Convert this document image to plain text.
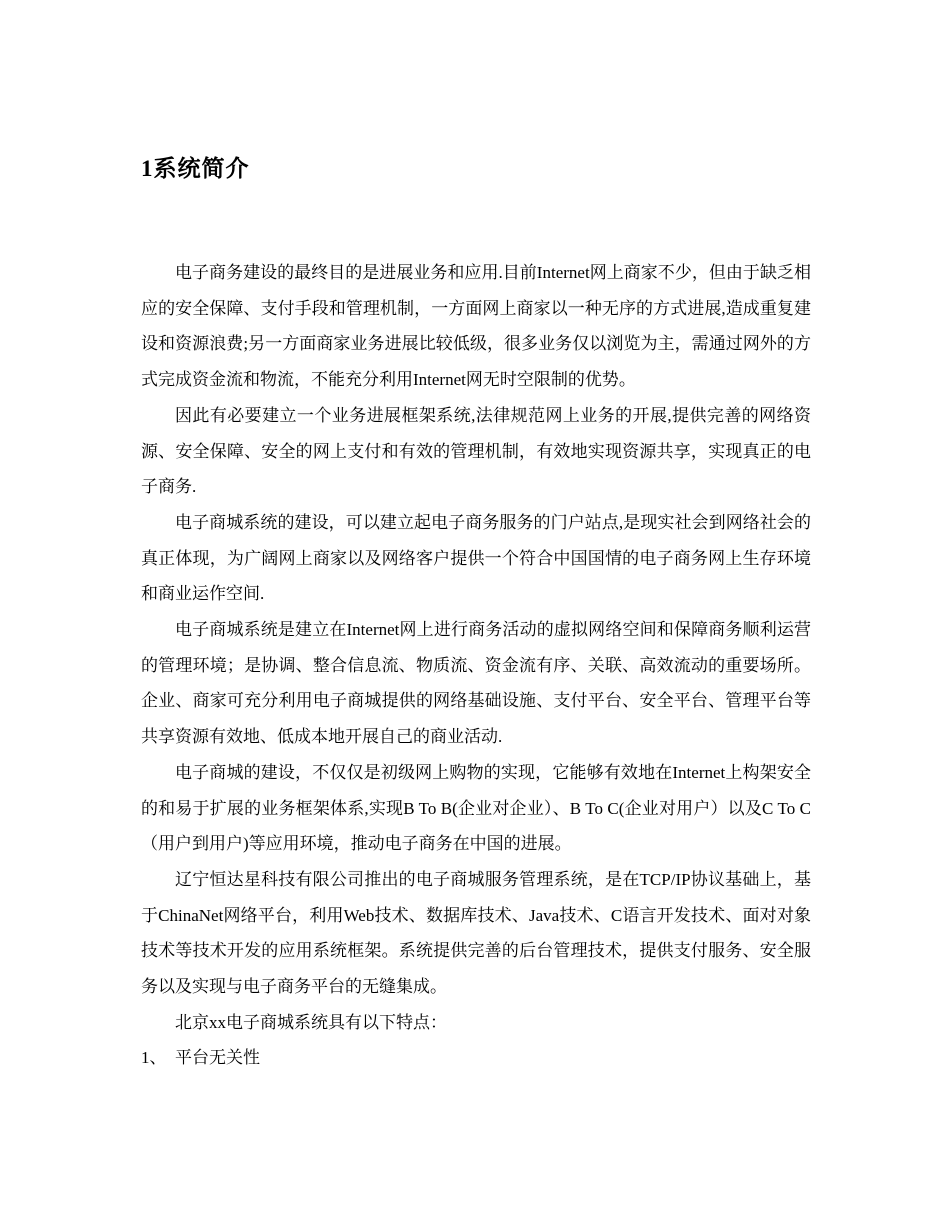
1系统简介

电子商务建设的最终目的是进展业务和应用.目前Internet网上商家不少，但由于缺乏相应的安全保障、支付手段和管理机制，一方面网上商家以一种无序的方式进展,造成重复建设和资源浪费;另一方面商家业务进展比较低级，很多业务仅以浏览为主，需通过网外的方式完成资金流和物流，不能充分利用Internet网无时空限制的优势。

因此有必要建立一个业务进展框架系统,法律规范网上业务的开展,提供完善的网络资源、安全保障、安全的网上支付和有效的管理机制，有效地实现资源共享，实现真正的电子商务.

电子商城系统的建设，可以建立起电子商务服务的门户站点,是现实社会到网络社会的真正体现，为广阔网上商家以及网络客户提供一个符合中国国情的电子商务网上生存环境和商业运作空间.

电子商城系统是建立在Internet网上进行商务活动的虚拟网络空间和保障商务顺利运营的管理环境；是协调、整合信息流、物质流、资金流有序、关联、高效流动的重要场所。企业、商家可充分利用电子商城提供的网络基础设施、支付平台、安全平台、管理平台等共享资源有效地、低成本地开展自己的商业活动.

电子商城的建设，不仅仅是初级网上购物的实现，它能够有效地在Internet上构架安全的和易于扩展的业务框架体系,实现B To B(企业对企业）、B To C(企业对用户）以及C To C（用户到用户)等应用环境，推动电子商务在中国的进展。

辽宁恒达星科技有限公司推出的电子商城服务管理系统，是在TCP/IP协议基础上，基于ChinaNet网络平台，利用Web技术、数据库技术、Java技术、C语言开发技术、面对对象技术等技术开发的应用系统框架。系统提供完善的后台管理技术，提供支付服务、安全服务以及实现与电子商务平台的无缝集成。

北京xx电子商城系统具有以下特点：

1、 平台无关性
